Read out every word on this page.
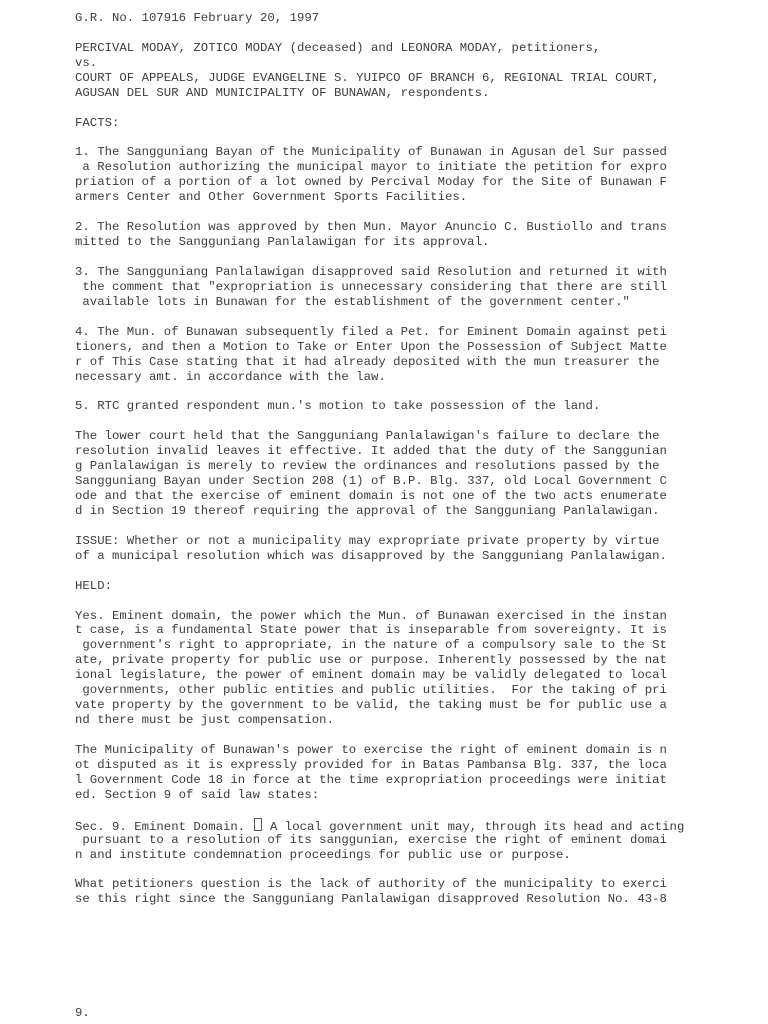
G.R. No. 107916 February 20, 1997
PERCIVAL MODAY, ZOTICO MODAY (deceased) and LEONORA MODAY, petitioners,
vs.
COURT OF APPEALS, JUDGE EVANGELINE S. YUIPCO OF BRANCH 6, REGIONAL TRIAL COURT,
AGUSAN DEL SUR AND MUNICIPALITY OF BUNAWAN, respondents.
FACTS:
1. The Sangguniang Bayan of the Municipality of Bunawan in Agusan del Sur passed
a Resolution authorizing the municipal mayor to initiate the petition for expro
priation of a portion of a lot owned by Percival Moday for the Site of Bunawan F
armers Center and Other Government Sports Facilities.
2. The Resolution was approved by then Mun. Mayor Anuncio C. Bustiollo and trans
mitted to the Sangguniang Panlalawigan for its approval.
3. The Sangguniang Panlalawigan disapproved said Resolution and returned it with
the comment that "expropriation is unnecessary considering that there are still
available lots in Bunawan for the establishment of the government center."
4. The Mun. of Bunawan subsequently filed a Pet. for Eminent Domain against peti
tioners, and then a Motion to Take or Enter Upon the Possession of Subject Matte
r of This Case stating that it had already deposited with the mun treasurer the
necessary amt. in accordance with the law.
5. RTC granted respondent mun.'s motion to take possession of the land.
The lower court held that the Sangguniang Panlalawigan's failure to declare the
resolution invalid leaves it effective. It added that the duty of the Sanggunian
g Panlalawigan is merely to review the ordinances and resolutions passed by the
Sangguniang Bayan under Section 208 (1) of B.P. Blg. 337, old Local Government C
ode and that the exercise of eminent domain is not one of the two acts enumerate
d in Section 19 thereof requiring the approval of the Sangguniang Panlalawigan.
ISSUE: Whether or not a municipality may expropriate private property by virtue
of a municipal resolution which was disapproved by the Sangguniang Panlalawigan.
HELD:
Yes. Eminent domain, the power which the Mun. of Bunawan exercised in the instan
t case, is a fundamental State power that is inseparable from sovereignty. It is
government's right to appropriate, in the nature of a compulsory sale to the St
ate, private property for public use or purpose. Inherently possessed by the nat
ional legislature, the power of eminent domain may be validly delegated to local
governments, other public entities and public utilities.  For the taking of pri
vate property by the government to be valid, the taking must be for public use a
nd there must be just compensation.
The Municipality of Bunawan's power to exercise the right of eminent domain is n
ot disputed as it is expressly provided for in Batas Pambansa Blg. 337, the loca
l Government Code 18 in force at the time expropriation proceedings were initiat
ed. Section 9 of said law states:
Sec. 9. Eminent Domain.  A local government unit may, through its head and acting
pursuant to a resolution of its sanggunian, exercise the right of eminent domai
n and institute condemnation proceedings for public use or purpose.
What petitioners question is the lack of authority of the municipality to exerci
se this right since the Sangguniang Panlalawigan disapproved Resolution No. 43-8
9.
